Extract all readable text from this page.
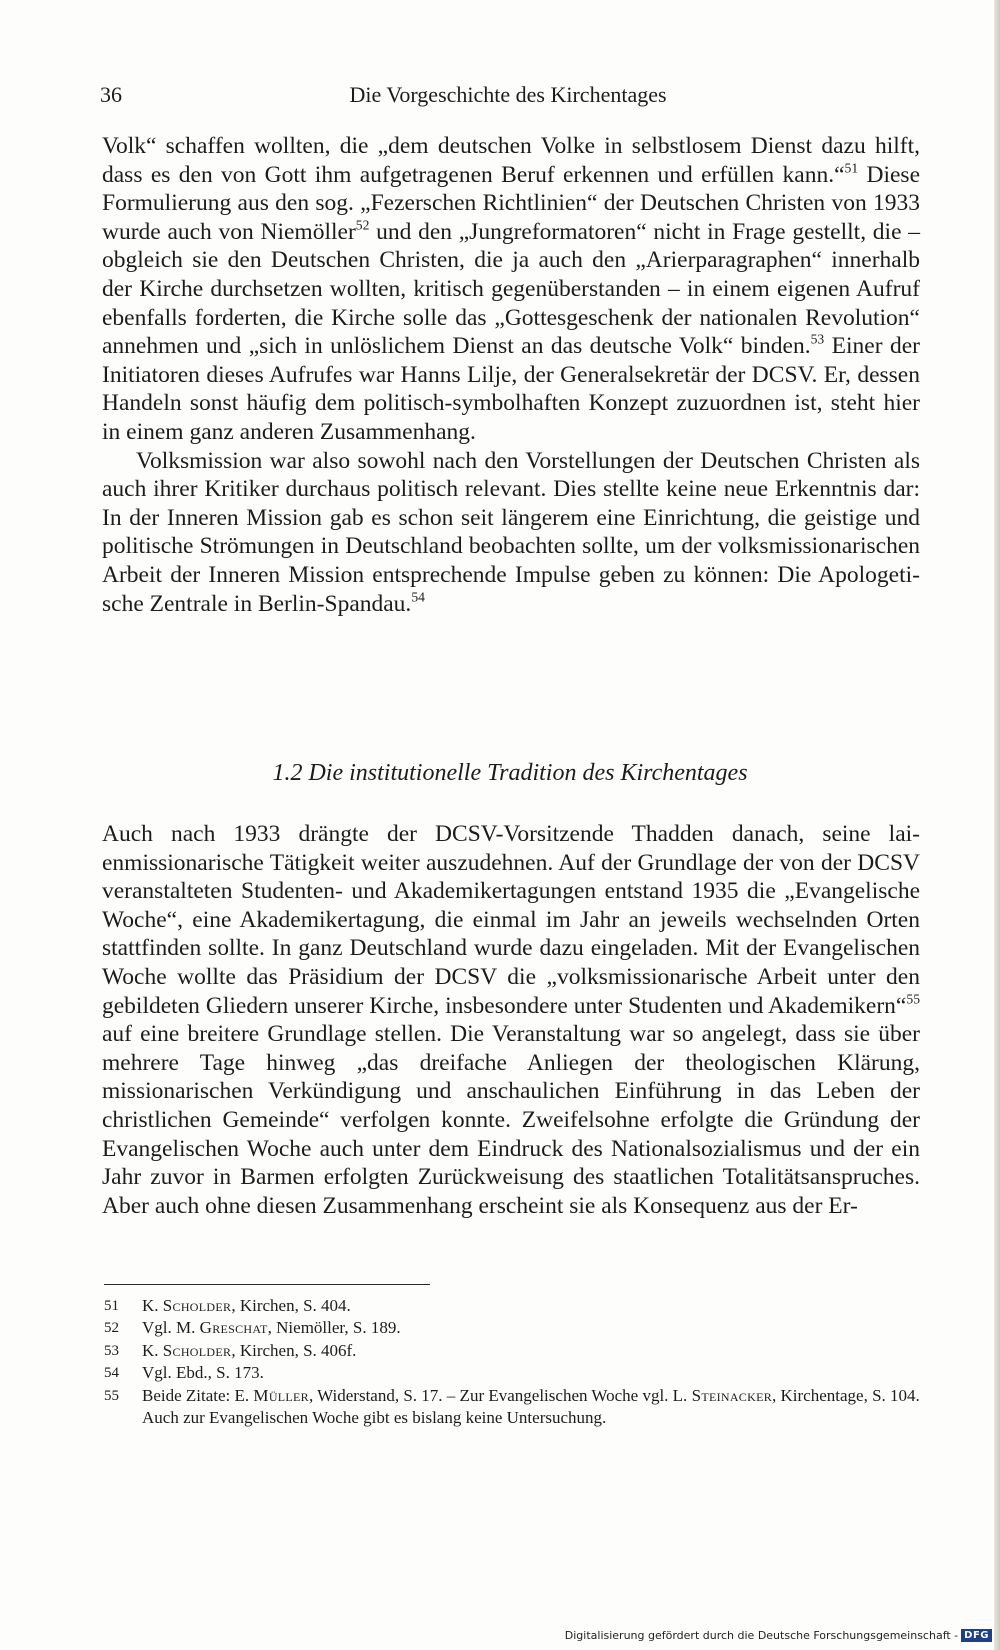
36	Die Vorgeschichte des Kirchentages

Volk“ schaffen wollten, die „dem deutschen Volke in selbstlosem Dienst dazu hilft, dass es den von Gott ihm aufgetragenen Beruf erkennen und erfüllen kann.“$^{51}$ Diese Formulierung aus den sog. „Fezerschen Richtlinien“ der Deutschen Christen von 1933 wurde auch von Niemöller$^{52}$ und den „Jungreformatoren“ nicht in Frage gestellt, die – obgleich sie den Deutschen Christen, die ja auch den „Arierparagraphen“ innerhalb der Kirche durchsetzen wollten, kritisch gegenüberstanden – in einem eigenen Aufruf ebenfalls forderten, die Kirche solle das „Gottesgeschenk der nationalen Revolution“ annehmen und „sich in unlöslichem Dienst an das deutsche Volk“ binden.$^{53}$ Einer der Initiatoren dieses Aufrufes war Hanns Lilje, der Generalsekretär der DCSV. Er, dessen Handeln sonst häufig dem politisch-symbolhaften Konzept zuzuordnen ist, steht hier in einem ganz anderen Zusammenhang.

Volksmission war also sowohl nach den Vorstellungen der Deutschen Christen als auch ihrer Kritiker durchaus politisch relevant. Dies stellte keine neue Erkenntnis dar: In der Inneren Mission gab es schon seit längerem eine Einrichtung, die geistige und politische Strömungen in Deutschland beobachten sollte, um der volksmissionarischen Arbeit der Inneren Mission entsprechende Impulse geben zu können: Die Apologetische Zentrale in Berlin-Spandau.$^{54}$

1.2 Die institutionelle Tradition des Kirchentages

Auch nach 1933 drängte der DCSV-Vorsitzende Thadden danach, seine laienmissionarische Tätigkeit weiter auszudehnen. Auf der Grundlage der von der DCSV veranstalteten Studenten- und Akademikertagungen entstand 1935 die „Evangelische Woche“, eine Akademikertagung, die einmal im Jahr an jeweils wechselnden Orten stattfinden sollte. In ganz Deutschland wurde dazu eingeladen. Mit der Evangelischen Woche wollte das Präsidium der DCSV die „volksmissionarische Arbeit unter den gebildeten Gliedern unserer Kirche, insbesondere unter Studenten und Akademikern“$^{55}$ auf eine breitere Grundlage stellen. Die Veranstaltung war so angelegt, dass sie über mehrere Tage hinweg „das dreifache Anliegen der theologischen Klärung, missionarischen Verkündigung und anschaulichen Einführung in das Leben der christlichen Gemeinde“ verfolgen konnte. Zweifelsohne erfolgte die Gründung der Evangelischen Woche auch unter dem Eindruck des Nationalsozialismus und der ein Jahr zuvor in Barmen erfolgten Zurückweisung des staatlichen Totalitätsanspruches. Aber auch ohne diesen Zusammenhang erscheint sie als Konsequenz aus der Er-

51	K. Scholder, Kirchen, S. 404.
52	Vgl. M. Greschat, Niemöller, S. 189.
53	K. Scholder, Kirchen, S. 406f.
54	Vgl. Ebd., S. 173.
55	Beide Zitate: E. Müller, Widerstand, S. 17. – Zur Evangelischen Woche vgl. L. Steinacker, Kirchentage, S. 104. Auch zur Evangelischen Woche gibt es bislang keine Untersuchung.
Digitalisierung gefördert durch die Deutsche Forschungsgemeinschaft - DFG
